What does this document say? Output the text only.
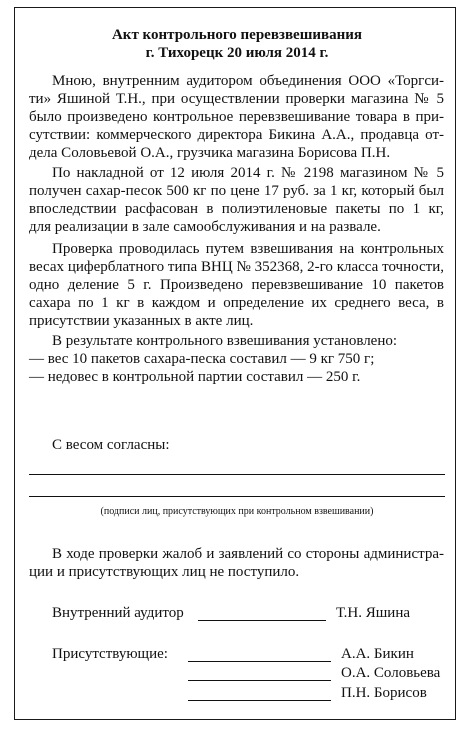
Акт контрольного перевзвешивания
г. Тихорецк 20 июля 2014 г.
Мною, внутренним аудитором объединения ООО «Торгси-
ти» Яшиной Т.Н., при осуществлении проверки магазина № 5
было произведено контрольное перевзвешивание товара в при-
сутствии: коммерческого директора Бикина А.А., продавца от-
дела Соловьевой О.А., грузчика магазина Борисова П.Н.
По накладной от 12 июля 2014 г. № 2198 магазином № 5
получен сахар-песок 500 кг по цене 17 руб. за 1 кг, который был
впоследствии расфасован в полиэтиленовые пакеты по 1 кг,
для реализации в зале самообслуживания и на развале.
Проверка проводилась путем взвешивания на контрольных
весах циферблатного типа ВНЦ № 352368, 2-го класса точности,
одно деление 5 г. Произведено перевзвешивание 10 пакетов
сахара по 1 кг в каждом и определение их среднего веса, в
присутствии указанных в акте лиц.
В результате контрольного взвешивания установлено:
— вес 10 пакетов сахара-песка составил — 9 кг 750 г;
— недовес в контрольной партии составил — 250 г.
С весом согласны:
(подписи лиц, присутствующих при контрольном взвешивании)
В ходе проверки жалоб и заявлений со стороны администра-
ции и присутствующих лиц не поступило.
Внутренний аудитор	Т.Н. Яшина
Присутствующие:	А.А. Бикин
О.А. Соловьева
П.Н. Борисов
